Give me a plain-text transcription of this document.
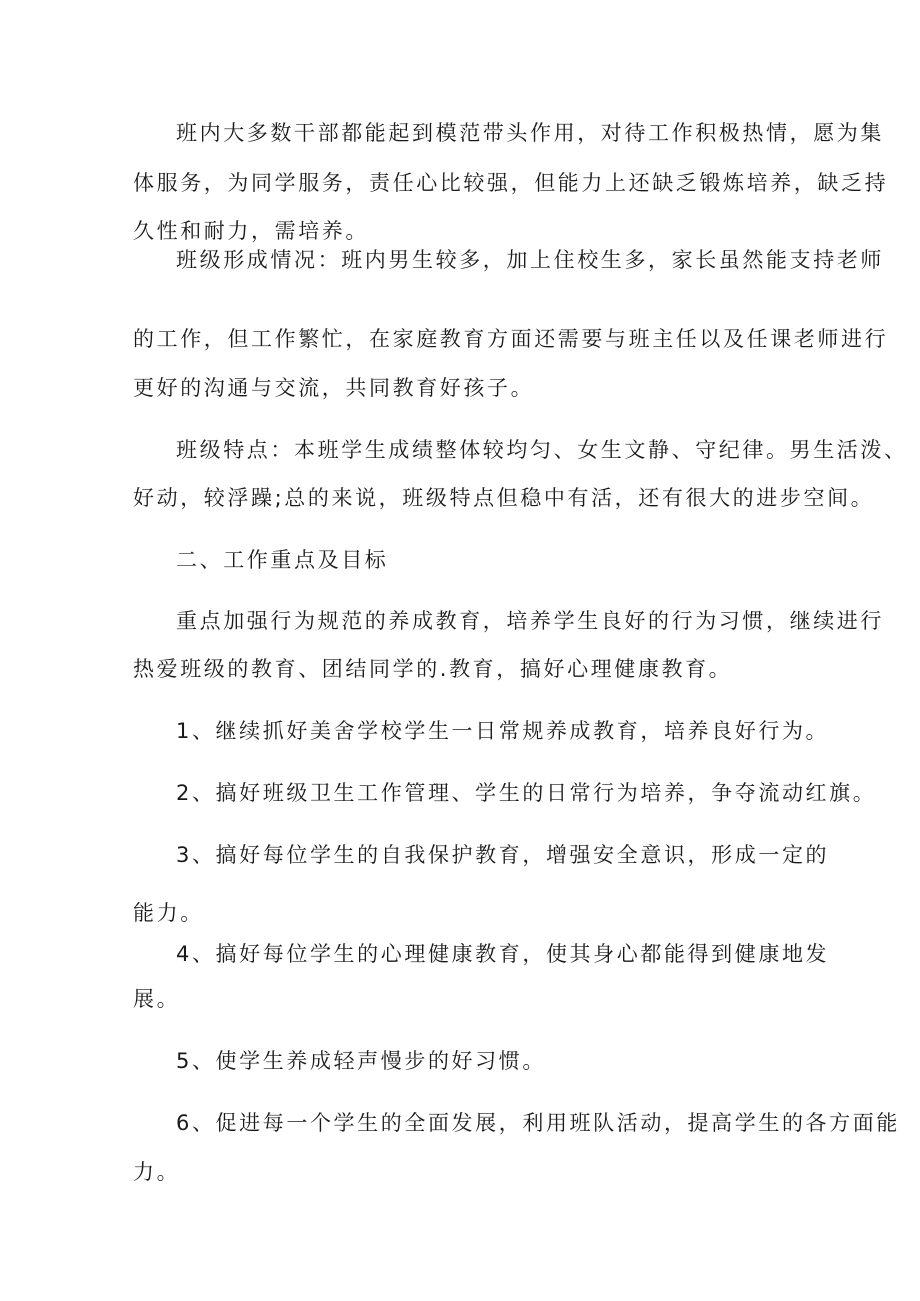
班内大多数干部都能起到模范带头作用，对待工作积极热情，愿为集
体服务，为同学服务，责任心比较强，但能力上还缺乏锻炼培养，缺乏持
久性和耐力，需培养。
班级形成情况：班内男生较多，加上住校生多，家长虽然能支持老师
的工作，但工作繁忙，在家庭教育方面还需要与班主任以及任课老师进行
更好的沟通与交流，共同教育好孩子。
班级特点：本班学生成绩整体较均匀、女生文静、守纪律。男生活泼、
好动，较浮躁;总的来说，班级特点但稳中有活，还有很大的进步空间。
二、工作重点及目标
重点加强行为规范的养成教育，培养学生良好的行为习惯，继续进行
热爱班级的教育、团结同学的.教育，搞好心理健康教育。
1、继续抓好美舍学校学生一日常规养成教育，培养良好行为。
2、搞好班级卫生工作管理、学生的日常行为培养，争夺流动红旗。
3、搞好每位学生的自我保护教育，增强安全意识，形成一定的
能力。
4、搞好每位学生的心理健康教育，使其身心都能得到健康地发
展。
5、使学生养成轻声慢步的好习惯。
6、促进每一个学生的全面发展，利用班队活动，提高学生的各方面能
力。
